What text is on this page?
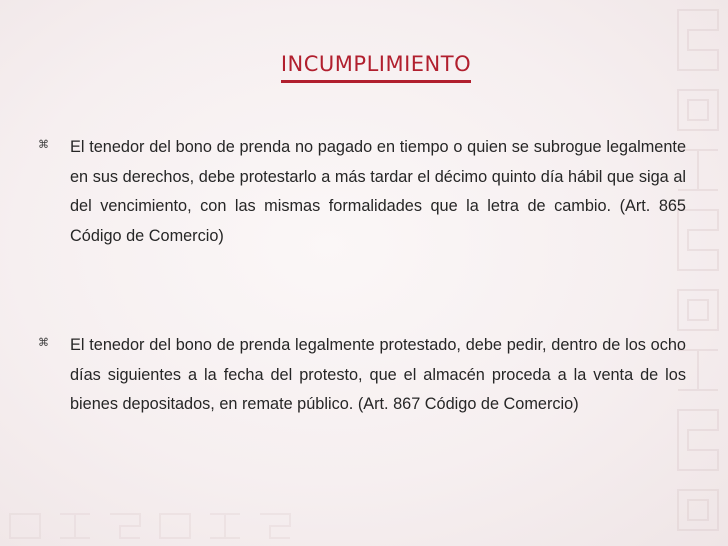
INCUMPLIMIENTO
⌘ El tenedor del bono de prenda no pagado en tiempo o quien se subrogue legalmente en sus derechos, debe protestarlo a más tardar el décimo quinto día hábil que siga al del vencimiento, con las mismas formalidades que la letra de cambio. (Art. 865 Código de Comercio)

⌘ El tenedor del bono de prenda legalmente protestado, debe pedir, dentro de los ocho días siguientes a la fecha del protesto, que el almacén proceda a la venta de los bienes depositados, en remate público. (Art. 867 Código de Comercio)
